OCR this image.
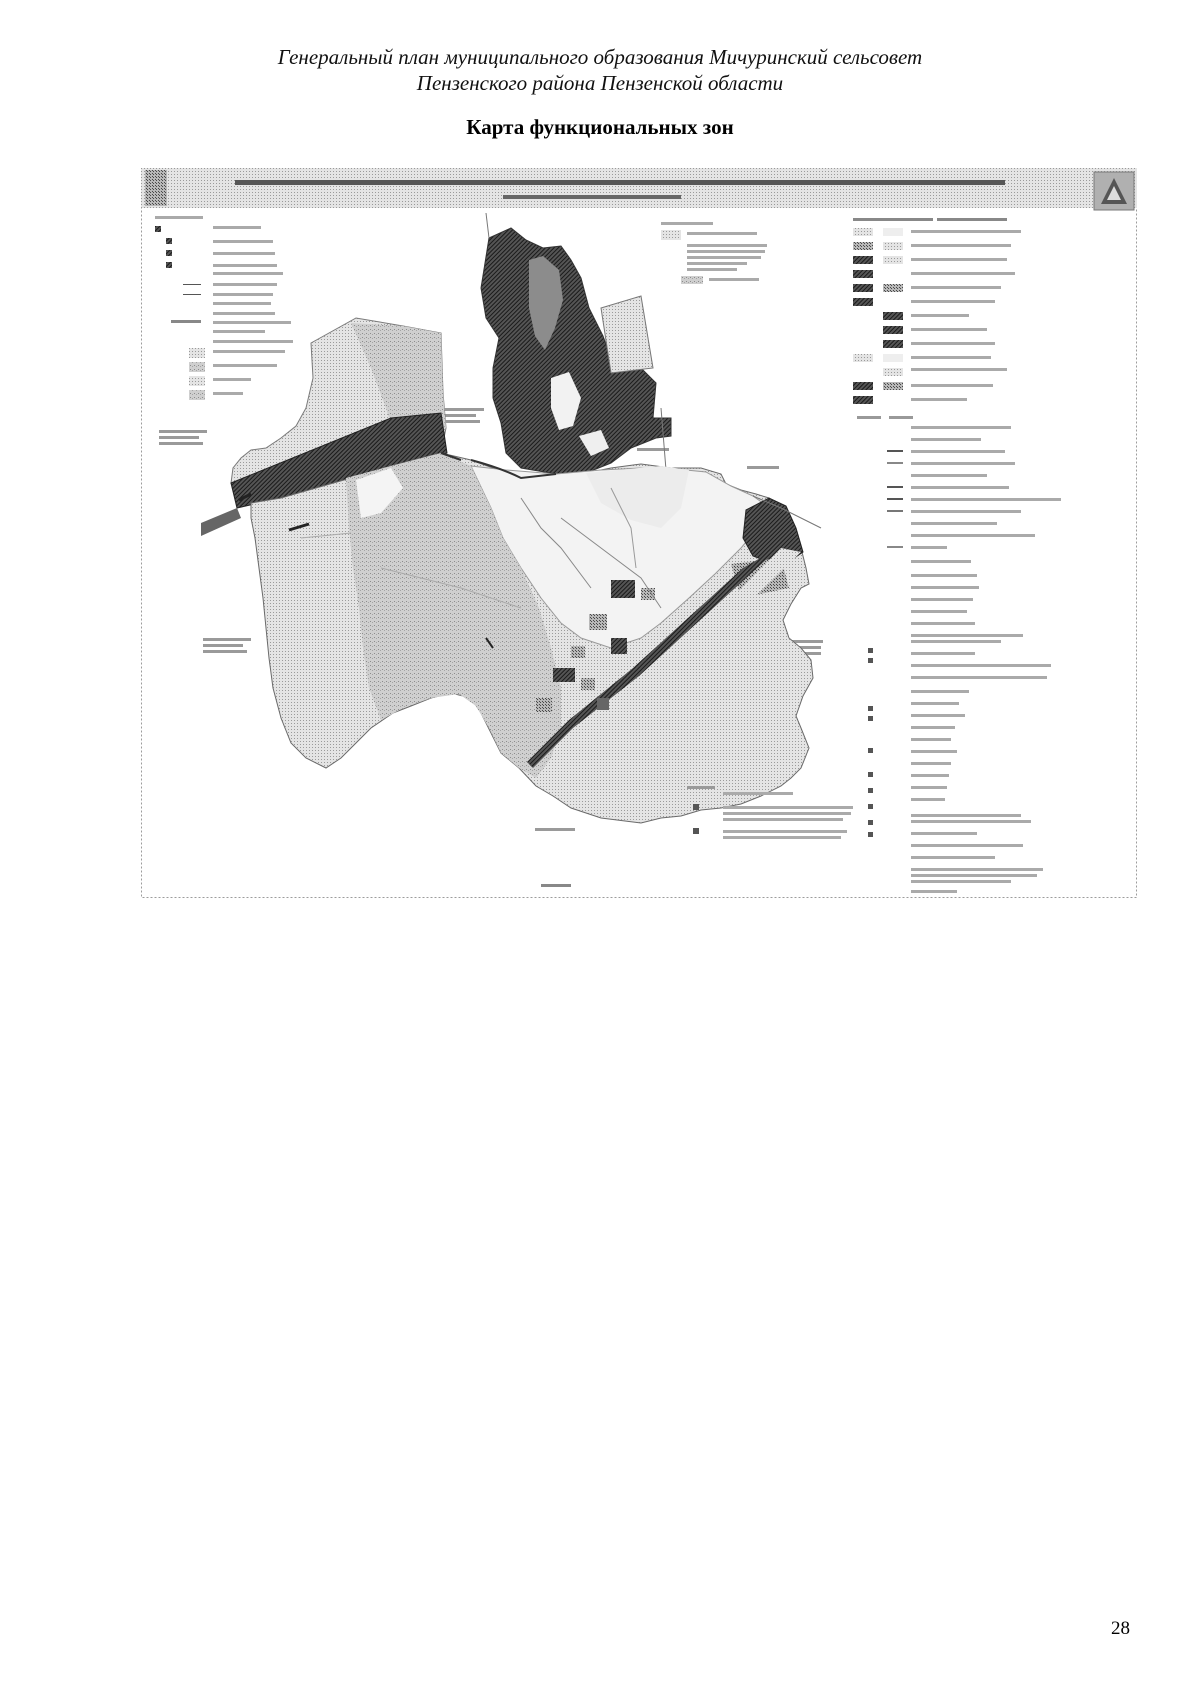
Генеральный план муниципального образования Мичуринский сельсовет
Пензенского района Пензенской области
Карта функциональных зон
28
